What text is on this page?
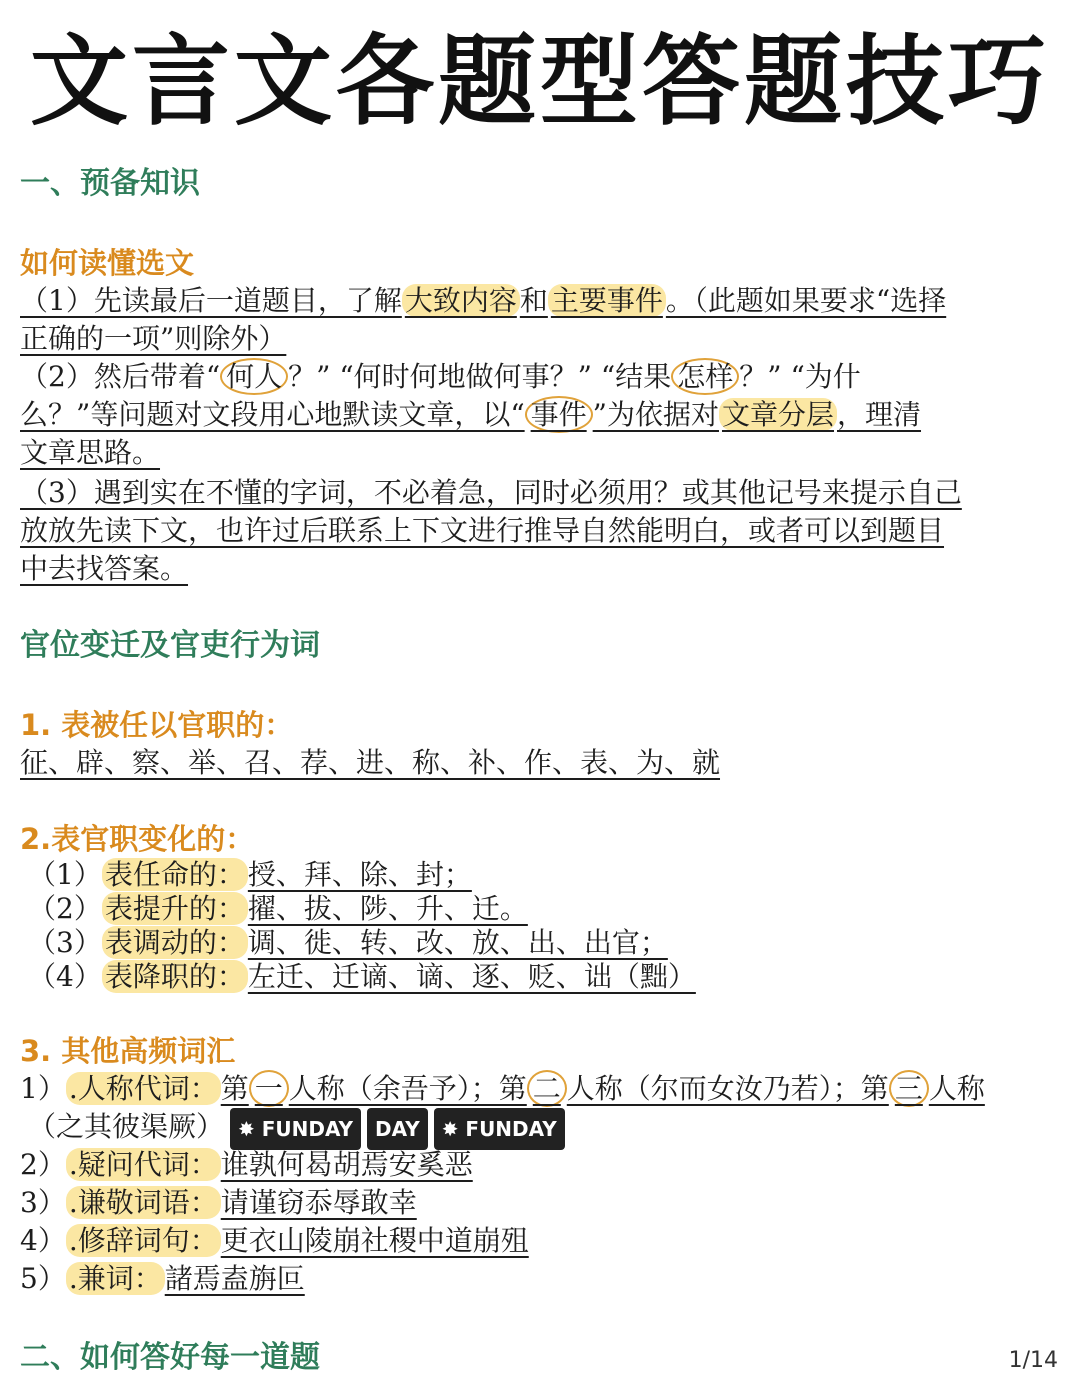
文言文各题型答题技巧
一、预备知识
如何读懂选文
（1）先读最后一道题目，了解 大致内容 和 主要事件 。（此题如果要求“选择
正确的一项”则除外）
（2）然后带着“ 何人 ？” “何时何地做何事？” “结果 怎样 ？” “为什
么？”等问题对文段用心地默读文章，以“ 事件 ”为依据对 文章分层 ，理清
文章思路。
（3）遇到实在不懂的字词，不必着急，同时必须用？或其他记号来提示自己
放放先读下文，也许过后联系上下文进行推导自然能明白，或者可以到题目
中去找答案。
官位变迁及官吏行为词
1. 表被任以官职的：
征、辟、察、举、召、荐、进、称、补、作、表、为、就
2.表官职变化的：
（1） 表任命的： 授、拜、除、封；
（2） 表提升的： 擢、拔、陟、升、迁。
（3） 表调动的： 调、徙、转、改、放、出、出官；
（4） 表降职的： 左迁、迁谪、谪、逐、贬、诎（黜）
3. 其他高频词汇
1） .人称代词： 第 一 人称（余吾予）；第 二 人称（尔而女汝乃若）；第 三 人称
（之其彼渠厥） ✸ FUNDAY DAY ✸ FUNDAY
2） .疑问代词： 谁孰何曷胡焉安奚恶
3） .谦敬词语： 请谨窃忝辱敢幸
4） .修辞词句： 更衣山陵崩社稷中道崩殂
5） .兼词： 諸焉盍旃叵
二、如何答好每一道题	1/14
